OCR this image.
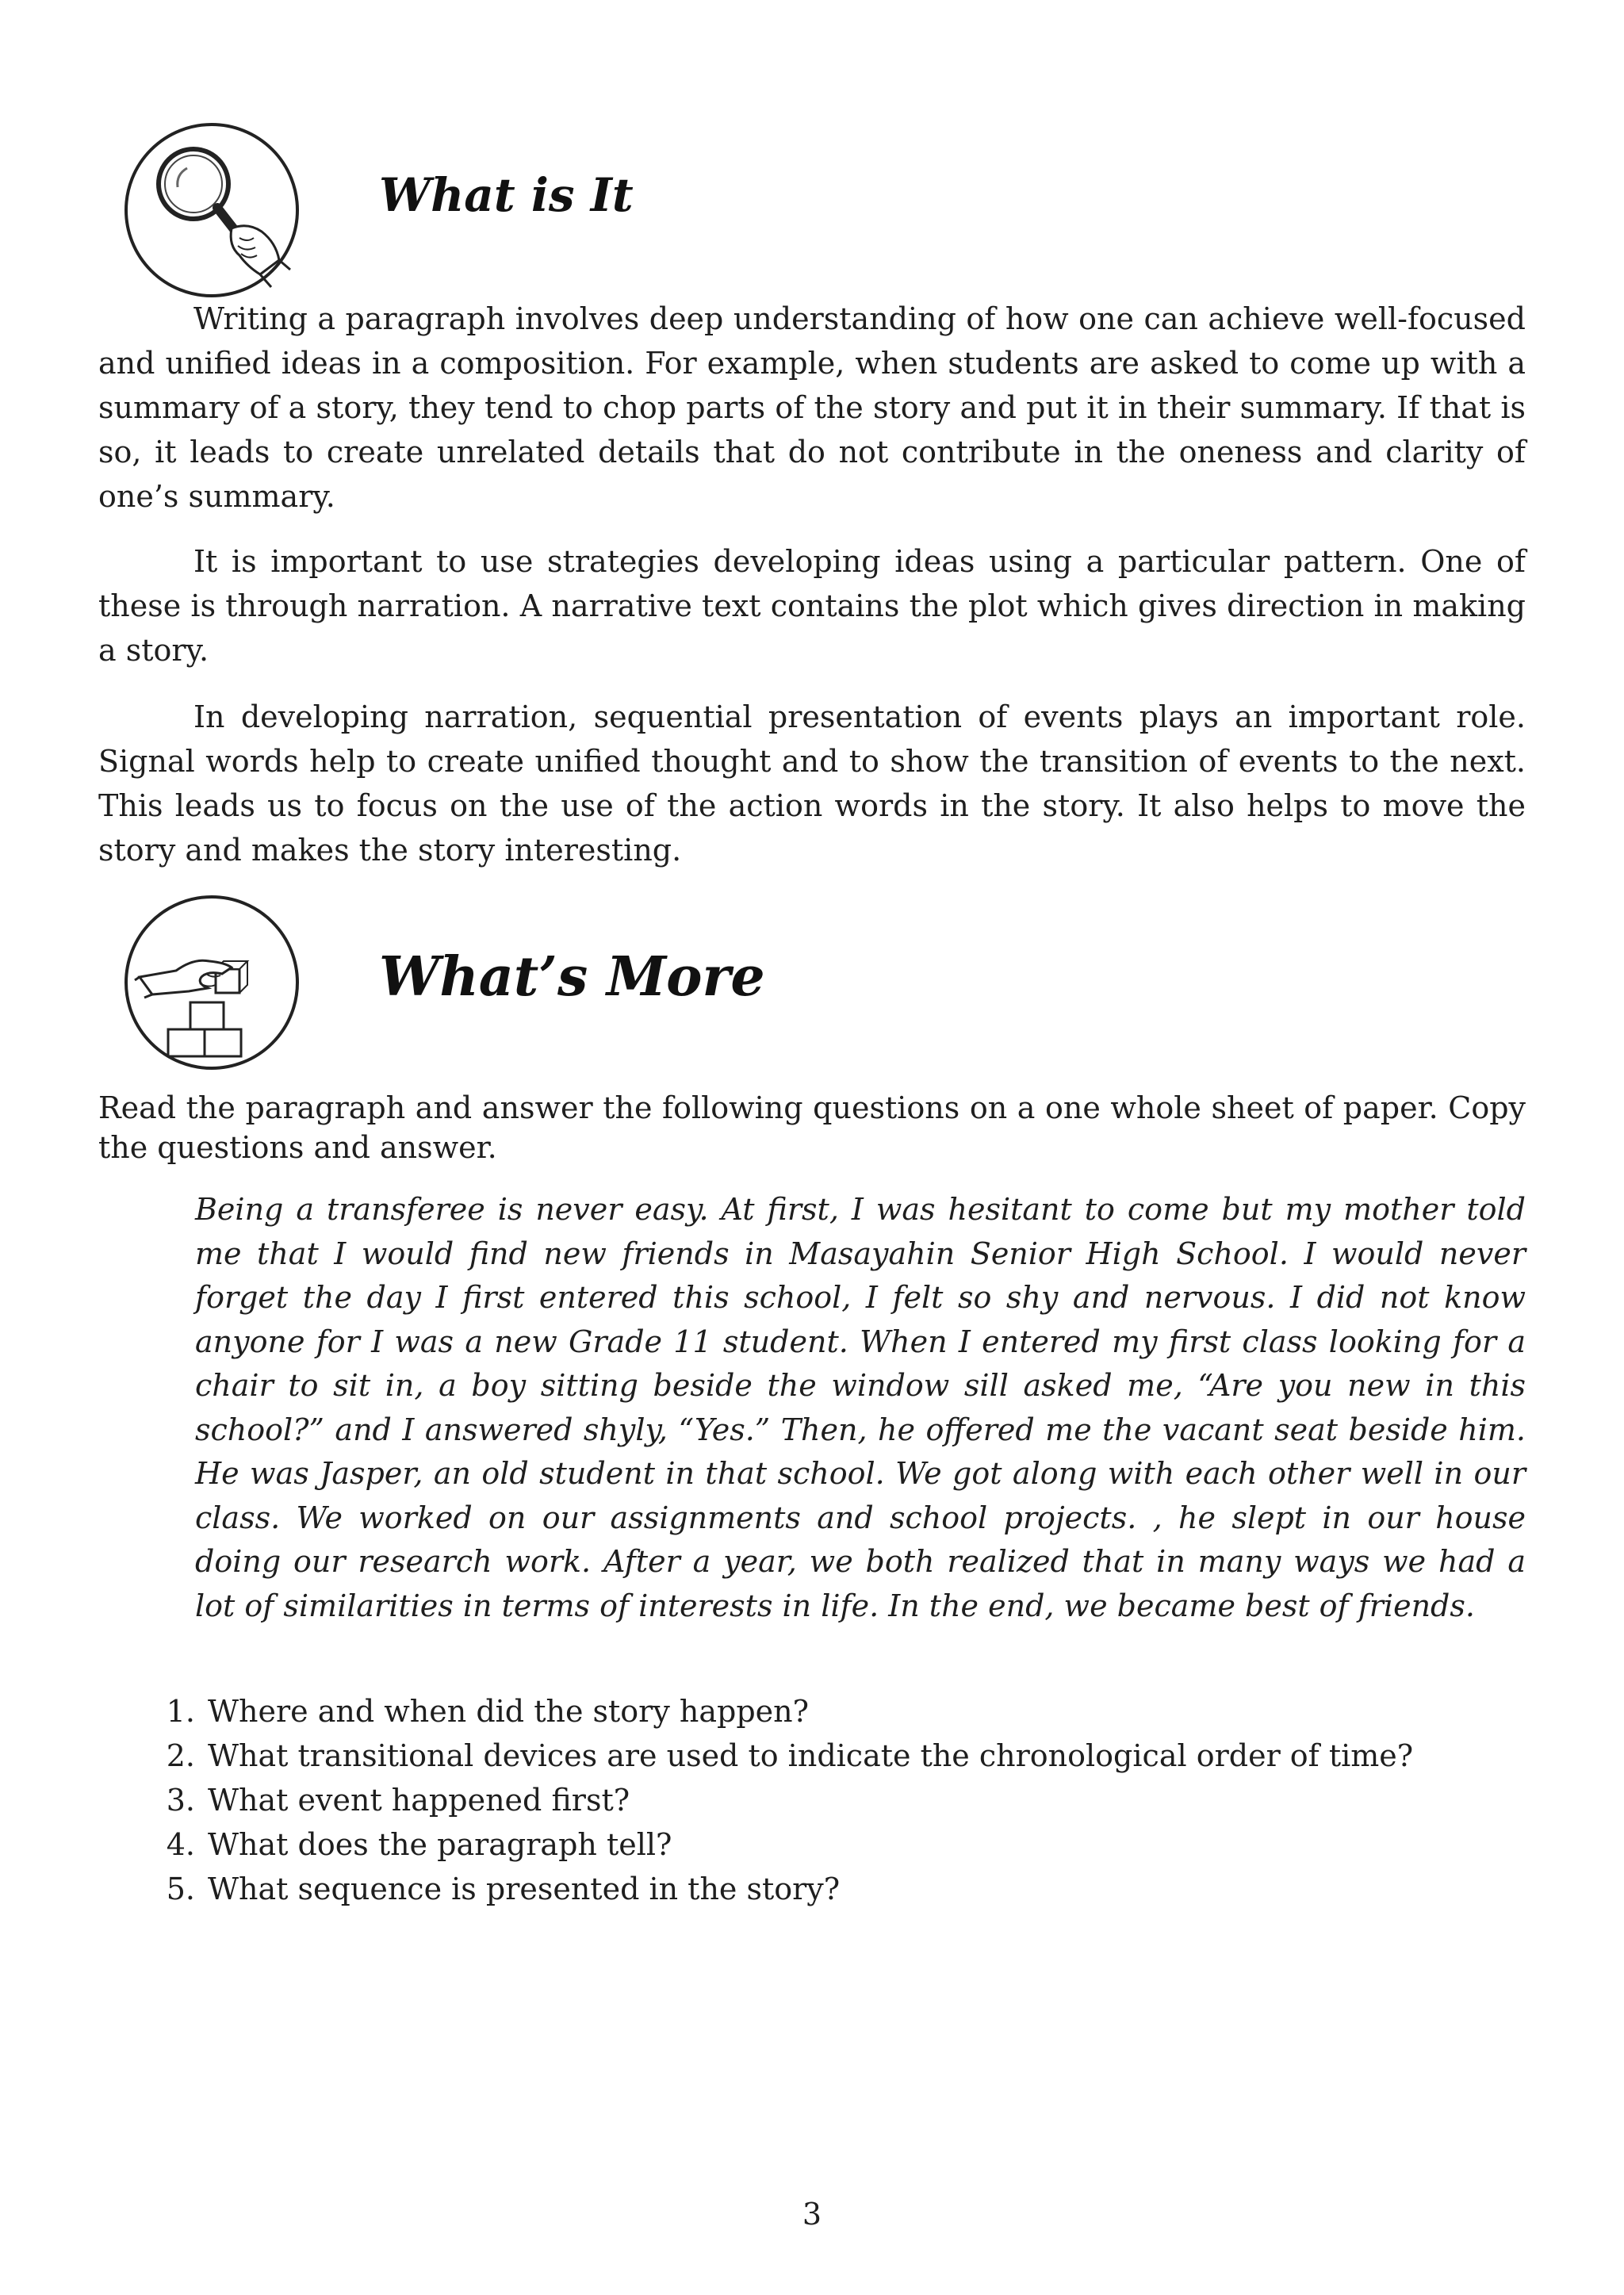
What is It

Writing a paragraph involves deep understanding of how one can achieve well-focused and unified ideas in a composition. For example, when students are asked to come up with a summary of a story, they tend to chop parts of the story and put it in their summary. If that is so, it leads to create unrelated details that do not contribute in the oneness and clarity of one’s summary.

It is important to use strategies developing ideas using a particular pattern. One of these is through narration. A narrative text contains the plot which gives direction in making a story.

In developing narration, sequential presentation of events plays an important role. Signal words help to create unified thought and to show the transition of events to the next. This leads us to focus on the use of the action words in the story. It also helps to move the story and makes the story interesting.

What’s More

Read the paragraph and answer the following questions on a one whole sheet of paper. Copy the questions and answer.

Being a transferee is never easy. At first, I was hesitant to come but my mother told me that I would find new friends in Masayahin Senior High School. I would never forget the day I first entered this school, I felt so shy and nervous. I did not know anyone for I was a new Grade 11 student. When I entered my first class looking for a chair to sit in, a boy sitting beside the window sill asked me, “Are you new in this school?” and I answered shyly, “Yes.” Then, he offered me the vacant seat beside him. He was Jasper, an old student in that school. We got along with each other well in our class. We worked on our assignments and school projects. , he slept in our house doing our research work. After a year, we both realized that in many ways we had a lot of similarities in terms of interests in life. In the end, we became best of friends.

1. Where and when did the story happen?
2. What transitional devices are used to indicate the chronological order of time?
3. What event happened first?
4. What does the paragraph tell?
5. What sequence is presented in the story?
3
